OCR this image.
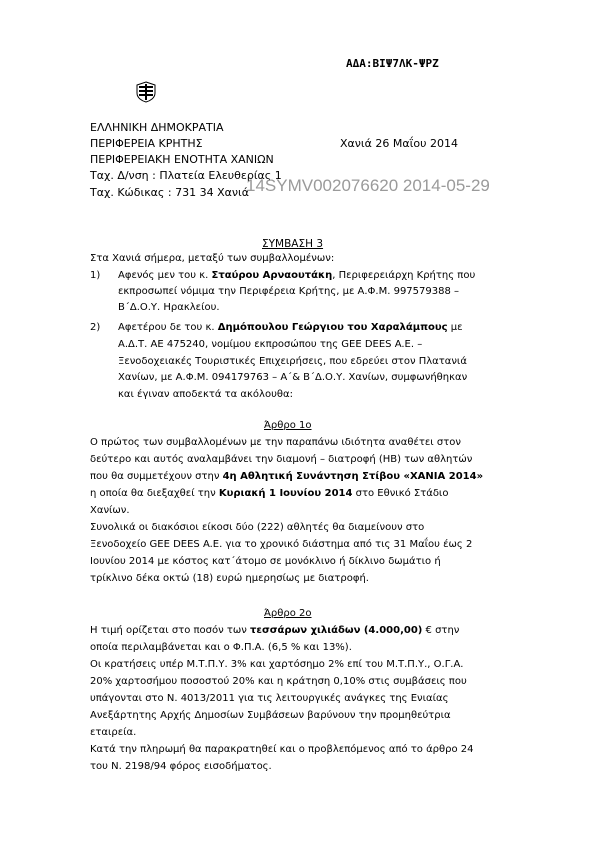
ΑΔΑ:ΒΙΨ7ΛΚ-ΨΡΖ
ΕΛΛΗΝΙΚΗ ΔΗΜΟΚΡΑΤΙΑ
ΠΕΡΙΦΕΡΕΙΑ ΚΡΗΤΗΣ	Χανιά 26 Μαΐου 2014
ΠΕΡΙΦΕΡΕΙΑΚΗ ΕΝΟΤΗΤΑ ΧΑΝΙΩΝ
Ταχ. Δ/νση : Πλατεία Ελευθερίας 1
Ταχ. Κώδικας : 731 34 Χανιά
14SYMV002076620 2014-05-29
ΣΥΜΒΑΣΗ 3
Στα Χανιά σήμερα, μεταξύ των συμβαλλομένων:
1) Αφενός μεν του κ. Σταύρου Αρναουτάκη, Περιφερειάρχη Κρήτης που
εκπροσωπεί νόμιμα την Περιφέρεια Κρήτης, με Α.Φ.Μ. 997579388 –
Β΄Δ.Ο.Υ. Ηρακλείου.
2) Αφετέρου δε του κ. Δημόπουλου Γεώργιου του Χαραλάμπους με
Α.Δ.Τ. ΑΕ 475240, νομίμου εκπροσώπου της GEE DEES A.E. –
Ξενοδοχειακές Τουριστικές Επιχειρήσεις, που εδρεύει στον Πλατανιά
Χανίων, με Α.Φ.Μ. 094179763 – Α΄& Β΄Δ.Ο.Υ. Χανίων, συμφωνήθηκαν
και έγιναν αποδεκτά τα ακόλουθα:
Άρθρο 1ο
Ο πρώτος των συμβαλλομένων με την παραπάνω ιδιότητα αναθέτει στον
δεύτερο και αυτός αναλαμβάνει την διαμονή – διατροφή (ΗΒ) των αθλητών
που θα συμμετέχουν στην 4η Αθλητική Συνάντηση Στίβου «ΧΑΝΙΑ 2014»
η οποία θα διεξαχθεί την Κυριακή 1 Ιουνίου 2014 στο Εθνικό Στάδιο
Χανίων.
Συνολικά οι διακόσιοι είκοσι δύο (222) αθλητές θα διαμείνουν στο
Ξενοδοχείο GEE DEES A.E. για το χρονικό διάστημα από τις 31 Μαΐου έως 2
Ιουνίου 2014 με κόστος κατ΄άτομο σε μονόκλινο ή δίκλινο δωμάτιο ή
τρίκλινο δέκα οκτώ (18) ευρώ ημερησίως με διατροφή.
Άρθρο 2ο
Η τιμή ορίζεται στο ποσόν των τεσσάρων χιλιάδων (4.000,00) € στην
οποία περιλαμβάνεται και ο Φ.Π.Α. (6,5 % και 13%).
Οι κρατήσεις υπέρ Μ.Τ.Π.Υ. 3% και χαρτόσημο 2% επί του Μ.Τ.Π.Υ., Ο.Γ.Α.
20% χαρτοσήμου ποσοστού 20% και η κράτηση 0,10% στις συμβάσεις που
υπάγονται στο Ν. 4013/2011 για τις λειτουργικές ανάγκες της Ενιαίας
Ανεξάρτητης Αρχής Δημοσίων Συμβάσεων βαρύνουν την προμηθεύτρια
εταιρεία.
Κατά την πληρωμή θα παρακρατηθεί και ο προβλεπόμενος από το άρθρο 24
του Ν. 2198/94 φόρος εισοδήματος.
